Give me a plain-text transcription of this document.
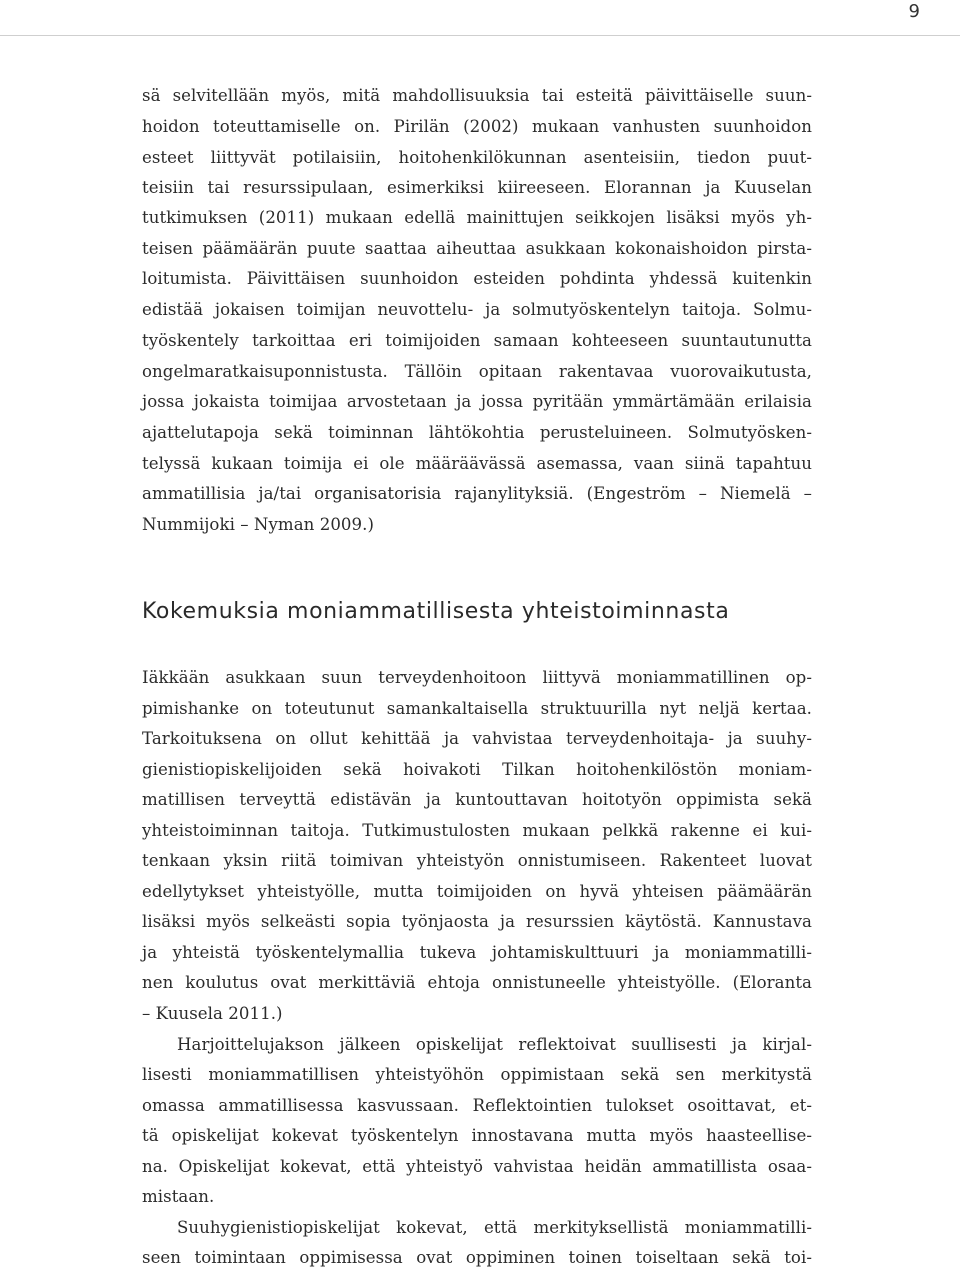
9
sä selvitellään myös, mitä mahdollisuuksia tai esteitä päivittäiselle suun-
hoidon toteuttamiselle on. Pirilän (2002) mukaan vanhusten suunhoidon
esteet liittyvät potilaisiin, hoitohenkilökunnan asenteisiin, tiedon puut-
teisiin tai resurssipulaan, esimerkiksi kiireeseen. Elorannan ja Kuuselan
tutkimuksen (2011) mukaan edellä mainittujen seikkojen lisäksi myös yh-
teisen päämäärän puute saattaa aiheuttaa asukkaan kokonaishoidon pirsta-
loitumista. Päivittäisen suunhoidon esteiden pohdinta yhdessä kuitenkin
edistää jokaisen toimijan neuvottelu- ja solmutyöskentelyn taitoja. Solmu-
työskentely tarkoittaa eri toimijoiden samaan kohteeseen suuntautunutta
ongelmaratkaisuponnistusta. Tällöin opitaan rakentavaa vuorovaikutusta,
jossa jokaista toimijaa arvostetaan ja jossa pyritään ymmärtämään erilaisia
ajattelutapoja sekä toiminnan lähtökohtia perusteluineen. Solmutyösken-
telyssä kukaan toimija ei ole määräävässä asemassa, vaan siinä tapahtuu
ammatillisia ja/tai organisatorisia rajanylityksiä. (Engeström – Niemelä –
Nummijoki – Nyman 2009.)
Kokemuksia moniammatillisesta yhteistoiminnasta
Iäkkään asukkaan suun terveydenhoitoon liittyvä moniammatillinen op-
pimishanke on toteutunut samankaltaisella struktuurilla nyt neljä kertaa.
Tarkoituksena on ollut kehittää ja vahvistaa terveydenhoitaja- ja suuhy-
gienistiopiskelijoiden sekä hoivakoti Tilkan hoitohenkilöstön moniam-
matillisen terveyttä edistävän ja kuntouttavan hoitotyön oppimista sekä
yhteistoiminnan taitoja. Tutkimustulosten mukaan pelkkä rakenne ei kui-
tenkaan yksin riitä toimivan yhteistyön onnistumiseen. Rakenteet luovat
edellytykset yhteistyölle, mutta toimijoiden on hyvä yhteisen päämäärän
lisäksi myös selkeästi sopia työnjaosta ja resurssien käytöstä. Kannustava
ja yhteistä työskentelymallia tukeva johtamiskulttuuri ja moniammatilli-
nen koulutus ovat merkittäviä ehtoja onnistuneelle yhteistyölle. (Eloranta
– Kuusela 2011.)
Harjoittelujakson jälkeen opiskelijat reflektoivat suullisesti ja kirjal-
lisesti moniammatillisen yhteistyöhön oppimistaan sekä sen merkitystä
omassa ammatillisessa kasvussaan. Reflektointien tulokset osoittavat, et-
tä opiskelijat kokevat työskentelyn innostavana mutta myös haasteellise-
na. Opiskelijat kokevat, että yhteistyö vahvistaa heidän ammatillista osaa-
mistaan.
Suuhygienistiopiskelijat kokevat, että merkityksellistä moniammatilli-
seen toimintaan oppimisessa ovat oppiminen toinen toiseltaan sekä toi-
